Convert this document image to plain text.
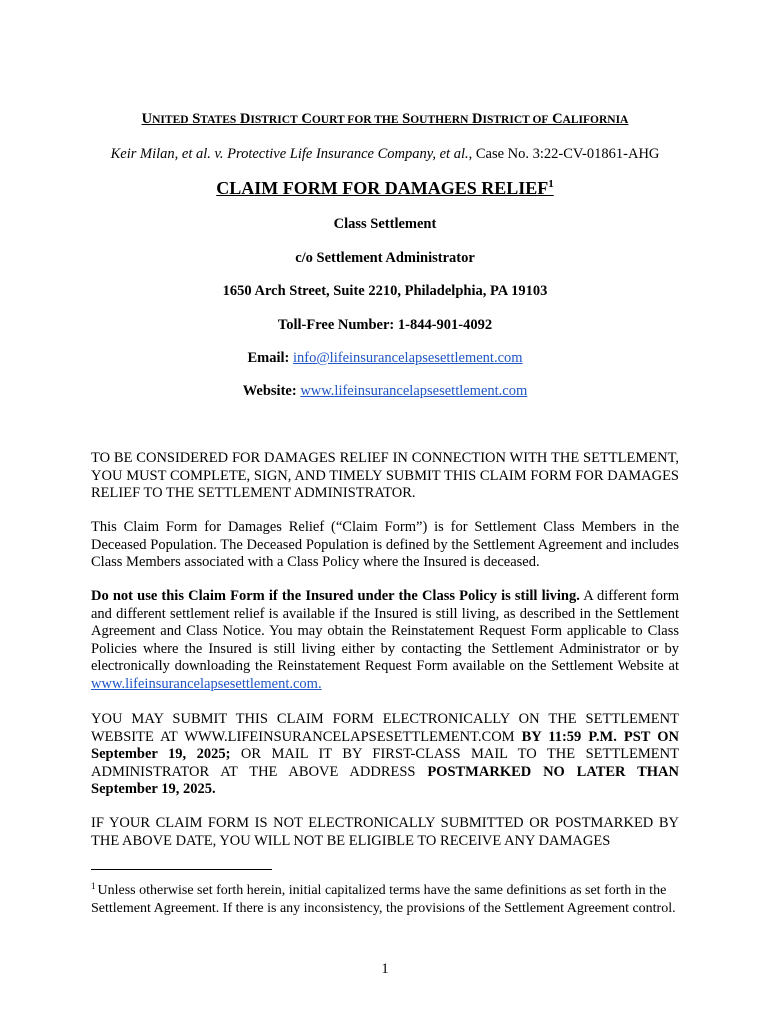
UNITED STATES DISTRICT COURT FOR THE SOUTHERN DISTRICT OF CALIFORNIA
Keir Milan, et al. v. Protective Life Insurance Company, et al., Case No. 3:22-CV-01861-AHG
CLAIM FORM FOR DAMAGES RELIEF$^1$
Class Settlement
c/o Settlement Administrator
1650 Arch Street, Suite 2210, Philadelphia, PA 19103
Toll-Free Number: 1-844-901-4092
Email: info@lifeinsurancelapsesettlement.com
Website: www.lifeinsurancelapsesettlement.com
TO BE CONSIDERED FOR DAMAGES RELIEF IN CONNECTION WITH THE SETTLEMENT, YOU MUST COMPLETE, SIGN, AND TIMELY SUBMIT THIS CLAIM FORM FOR DAMAGES RELIEF TO THE SETTLEMENT ADMINISTRATOR.
This Claim Form for Damages Relief (“Claim Form”) is for Settlement Class Members in the Deceased Population. The Deceased Population is defined by the Settlement Agreement and includes Class Members associated with a Class Policy where the Insured is deceased.
Do not use this Claim Form if the Insured under the Class Policy is still living. A different form and different settlement relief is available if the Insured is still living, as described in the Settlement Agreement and Class Notice. You may obtain the Reinstatement Request Form applicable to Class Policies where the Insured is still living either by contacting the Settlement Administrator or by electronically downloading the Reinstatement Request Form available on the Settlement Website at www.lifeinsurancelapsesettlement.com.
YOU MAY SUBMIT THIS CLAIM FORM ELECTRONICALLY ON THE SETTLEMENT WEBSITE AT WWW.LIFEINSURANCELAPSESETTLEMENT.COM BY 11:59 P.M. PST ON September 19, 2025; OR MAIL IT BY FIRST-CLASS MAIL TO THE SETTLEMENT ADMINISTRATOR AT THE ABOVE ADDRESS POSTMARKED NO LATER THAN September 19, 2025.
IF YOUR CLAIM FORM IS NOT ELECTRONICALLY SUBMITTED OR POSTMARKED BY THE ABOVE DATE, YOU WILL NOT BE ELIGIBLE TO RECEIVE ANY DAMAGES
$^1$ Unless otherwise set forth herein, initial capitalized terms have the same definitions as set forth in the Settlement Agreement. If there is any inconsistency, the provisions of the Settlement Agreement control.
1
